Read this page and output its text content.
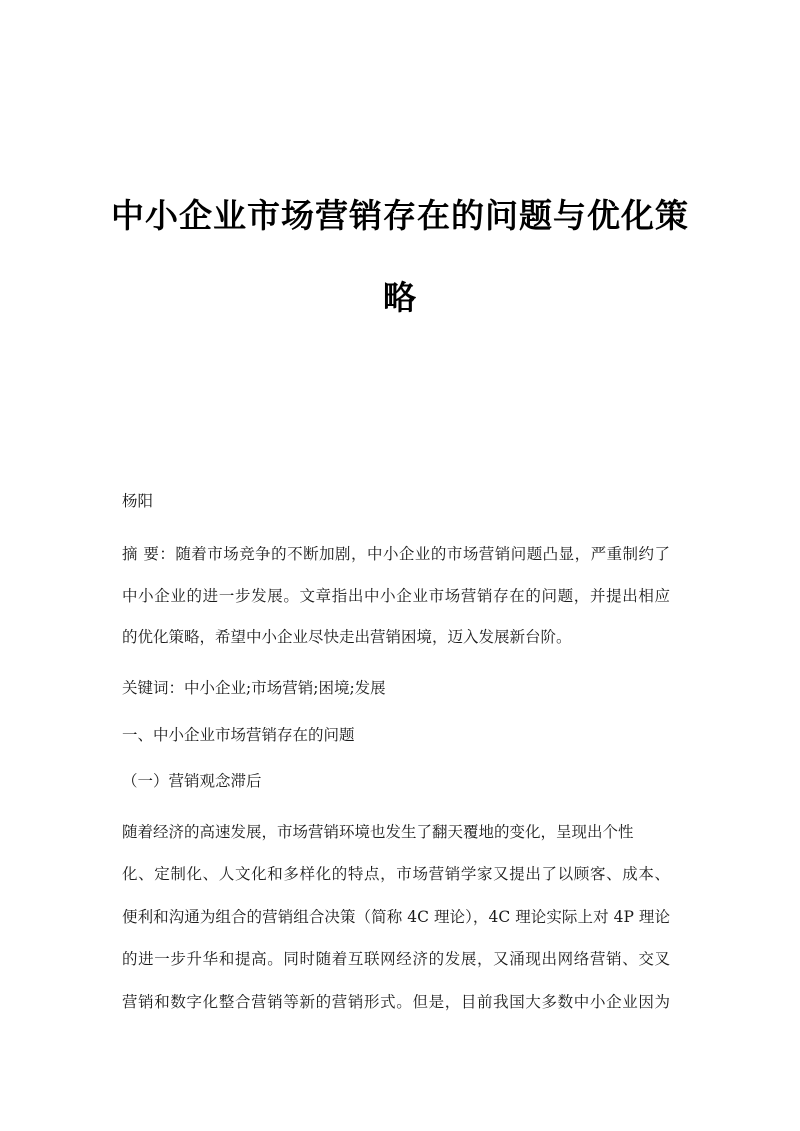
中小企业市场营销存在的问题与优化策
略
杨阳
摘 要：随着市场竞争的不断加剧，中小企业的市场营销问题凸显，严重制约了
中小企业的进一步发展。文章指出中小企业市场营销存在的问题，并提出相应
的优化策略，希望中小企业尽快走出营销困境，迈入发展新台阶。
关键词：中小企业;市场营销;困境;发展
一、中小企业市场营销存在的问题
（一）营销观念滞后
随着经济的高速发展，市场营销环境也发生了翻天覆地的变化，呈现出个性
化、定制化、人文化和多样化的特点，市场营销学家又提出了以顾客、成本、
便利和沟通为组合的营销组合决策（简称 4C 理论），4C 理论实际上对 4P 理论
的进一步升华和提高。同时随着互联网经济的发展，又涌现出网络营销、交叉
营销和数字化整合营销等新的营销形式。但是，目前我国大多数中小企业因为
